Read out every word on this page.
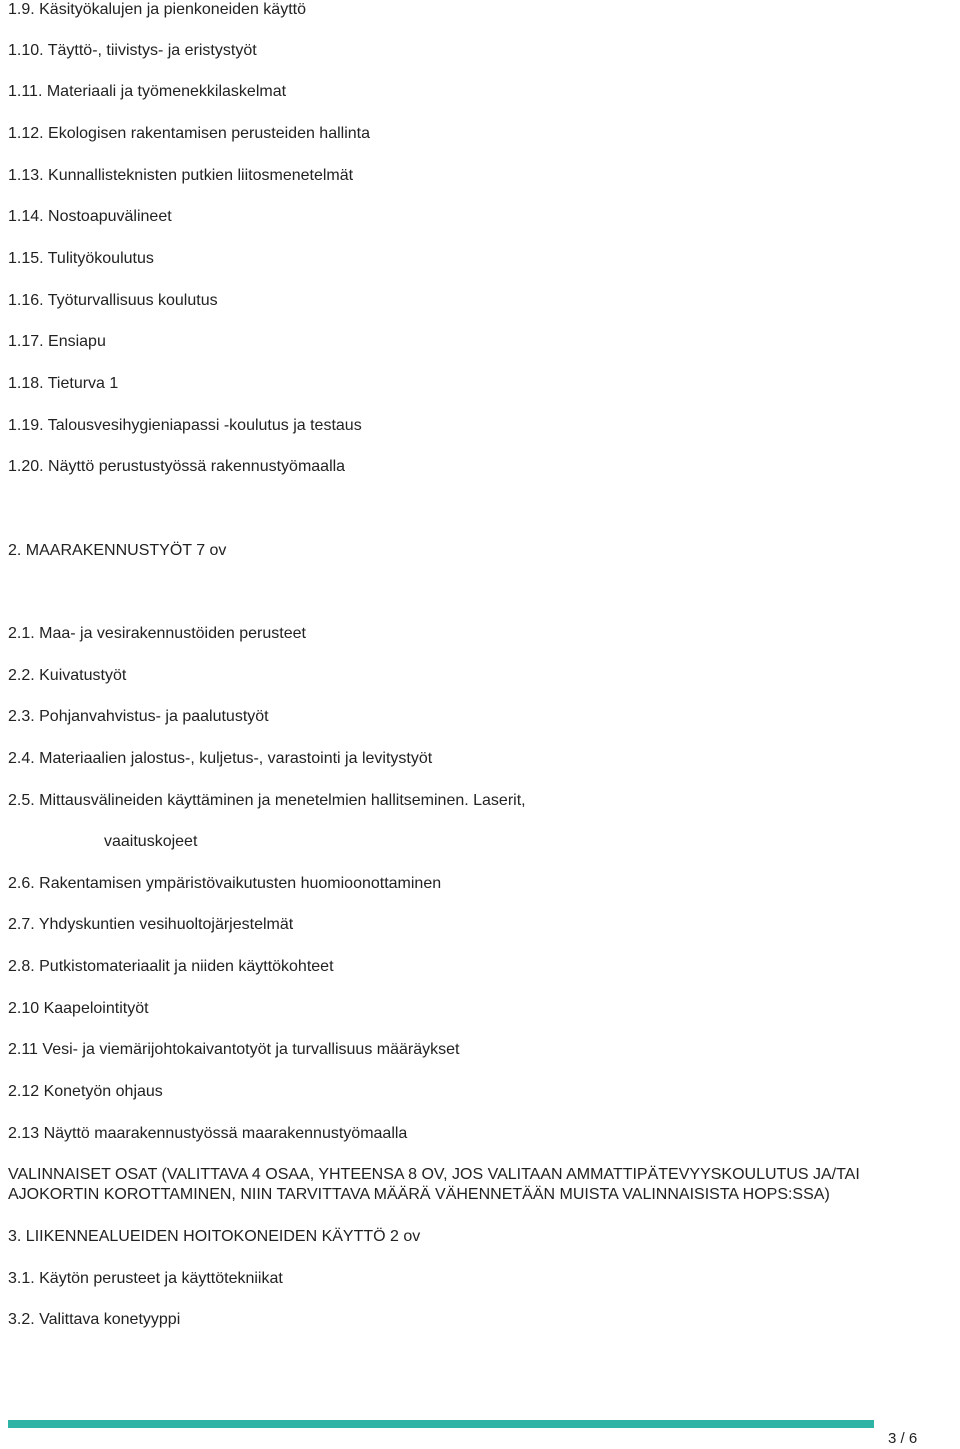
1.9. Käsityökalujen ja pienkoneiden käyttö
1.10. Täyttö-, tiivistys- ja eristystyöt
1.11. Materiaali ja työmenekkilaskelmat
1.12. Ekologisen rakentamisen perusteiden hallinta
1.13. Kunnallisteknisten putkien liitosmenetelmät
1.14. Nostoapuvälineet
1.15. Tulityökoulutus
1.16. Työturvallisuus koulutus
1.17. Ensiapu
1.18. Tieturva 1
1.19. Talousvesihygieniapassi -koulutus ja testaus
1.20. Näyttö perustustyössä rakennustyömaalla
2. MAARAKENNUSTYÖT 7 ov
2.1. Maa- ja vesirakennustöiden perusteet
2.2. Kuivatustyöt
2.3. Pohjanvahvistus- ja paalutustyöt
2.4. Materiaalien jalostus-, kuljetus-, varastointi ja levitystyöt
2.5. Mittausvälineiden käyttäminen ja menetelmien hallitseminen. Laserit,
vaaituskojeet
2.6. Rakentamisen ympäristövaikutusten huomioonottaminen
2.7. Yhdyskuntien vesihuoltojärjestelmät
2.8. Putkistomateriaalit ja niiden käyttökohteet
2.10 Kaapelointityöt
2.11 Vesi- ja viemärijohtokaivantotyöt ja turvallisuus määräykset
2.12 Konetyön ohjaus
2.13 Näyttö maarakennustyössä maarakennustyömaalla
VALINNAISET OSAT (VALITTAVA 4 OSAA, YHTEENSA 8 OV, JOS VALITAAN AMMATTIPÄTEVYYSKOULUTUS JA/TAI AJOKORTIN KOROTTAMINEN, NIIN TARVITTAVA MÄÄRÄ VÄHENNETÄÄN MUISTA VALINNAISISTA HOPS:SSA)
3. LIIKENNEALUEIDEN HOITOKONEIDEN KÄYTTÖ 2 ov
3.1. Käytön perusteet ja käyttötekniikat
3.2. Valittava konetyyppi
3 / 6
